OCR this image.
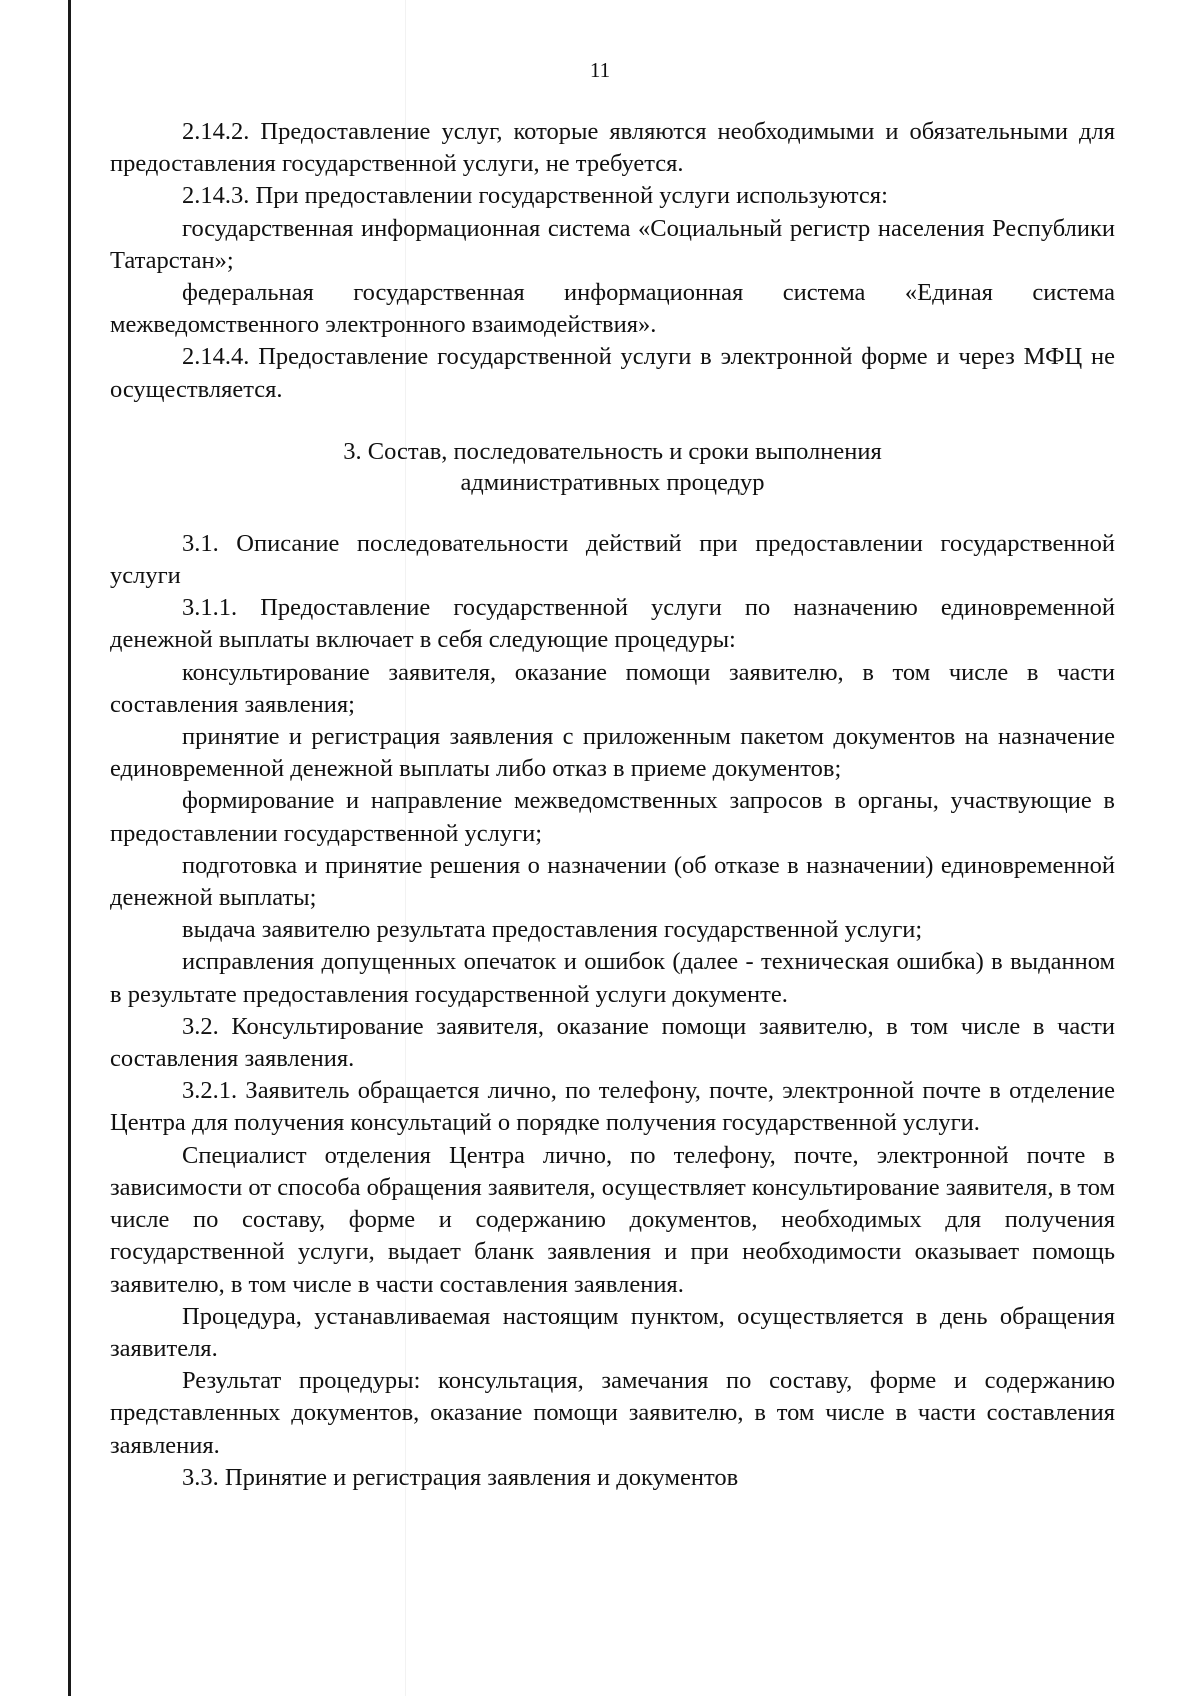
11

2.14.2. Предоставление услуг, которые являются необходимыми и обязательными для предоставления государственной услуги, не требуется.

2.14.3. При предоставлении государственной услуги используются:

государственная информационная система «Социальный регистр населения Республики Татарстан»;

федеральная государственная информационная система «Единая система межведомственного электронного взаимодействия».

2.14.4. Предоставление государственной услуги в электронной форме и через МФЦ не осуществляется.

3. Состав, последовательность и сроки выполнения
административных процедур

3.1. Описание последовательности действий при предоставлении государственной услуги

3.1.1. Предоставление государственной услуги по назначению единовременной денежной выплаты включает в себя следующие процедуры:

консультирование заявителя, оказание помощи заявителю, в том числе в части составления заявления;

принятие и регистрация заявления с приложенным пакетом документов на назначение единовременной денежной выплаты либо отказ в приеме документов;

формирование и направление межведомственных запросов в органы, участвующие в предоставлении государственной услуги;

подготовка и принятие решения о назначении (об отказе в назначении) единовременной денежной выплаты;

выдача заявителю результата предоставления государственной услуги;

исправления допущенных опечаток и ошибок (далее - техническая ошибка) в выданном в результате предоставления государственной услуги документе.

3.2. Консультирование заявителя, оказание помощи заявителю, в том числе в части составления заявления.

3.2.1. Заявитель обращается лично, по телефону, почте, электронной почте в отделение Центра для получения консультаций о порядке получения государственной услуги.

Специалист отделения Центра лично, по телефону, почте, электронной почте в зависимости от способа обращения заявителя, осуществляет консультирование заявителя, в том числе по составу, форме и содержанию документов, необходимых для получения государственной услуги, выдает бланк заявления и при необходимости оказывает помощь заявителю, в том числе в части составления заявления.

Процедура, устанавливаемая настоящим пунктом, осуществляется в день обращения заявителя.

Результат процедуры: консультация, замечания по составу, форме и содержанию представленных документов, оказание помощи заявителю, в том числе в части составления заявления.

3.3. Принятие и регистрация заявления и документов
